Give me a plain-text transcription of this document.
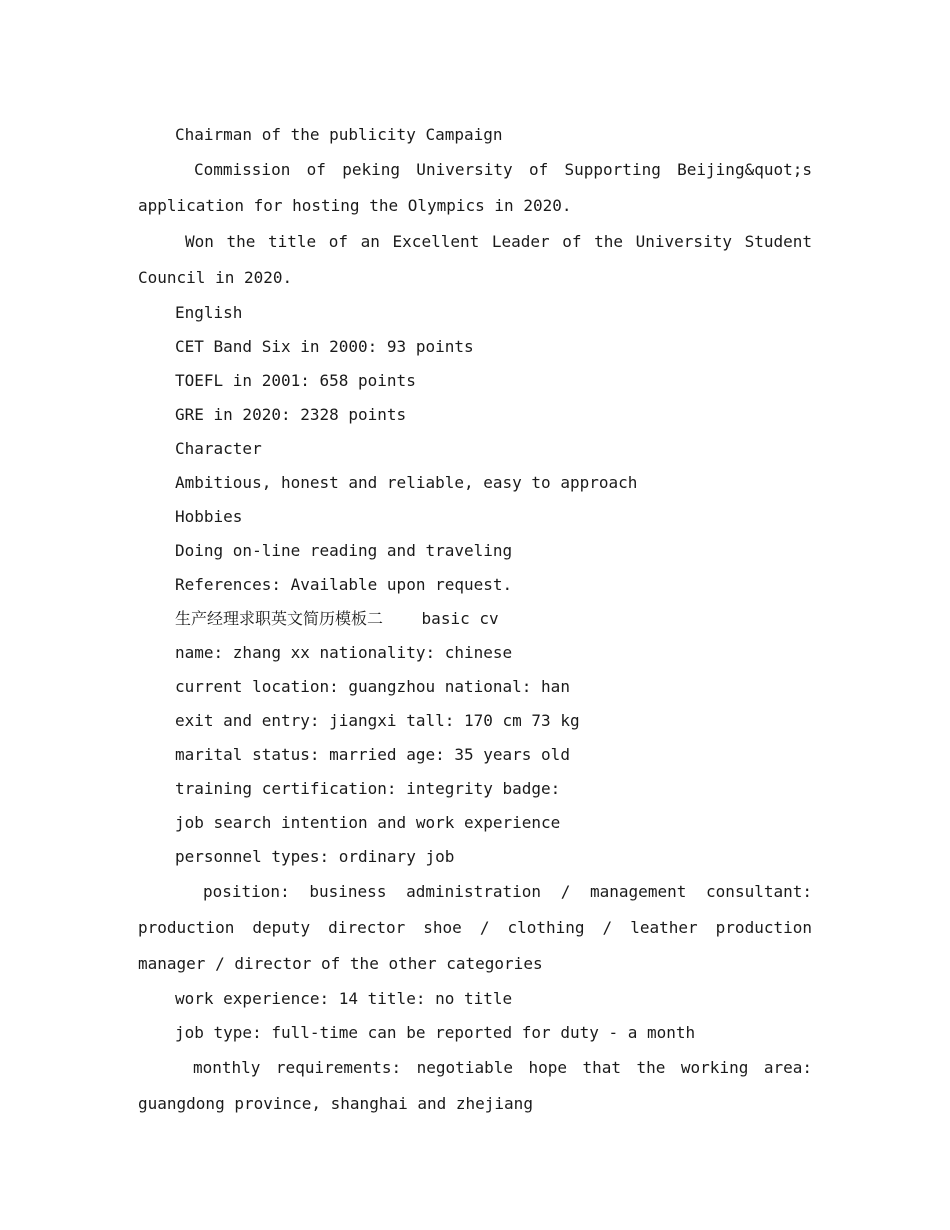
Chairman of the publicity Campaign

Commission of peking University of Supporting Beijing&quot;s application for hosting the Olympics in 2020.

Won the title of an Excellent Leader of the University Student Council in 2020.

English

CET Band Six in 2000: 93 points

TOEFL in 2001: 658 points

GRE in 2020: 2328 points

Character

Ambitious, honest and reliable, easy to approach

Hobbies

Doing on-line reading and traveling

References: Available upon request.

生产经理求职英文简历模板二 basic cv

name: zhang xx nationality: chinese

current location: guangzhou national: han

exit and entry: jiangxi tall: 170 cm 73 kg

marital status: married age: 35 years old

training certification: integrity badge:

job search intention and work experience

personnel types: ordinary job

position: business administration / management consultant: production deputy director shoe / clothing / leather production manager / director of the other categories

work experience: 14 title: no title

job type: full-time can be reported for duty - a month

monthly requirements: negotiable hope that the working area: guangdong province, shanghai and zhejiang
